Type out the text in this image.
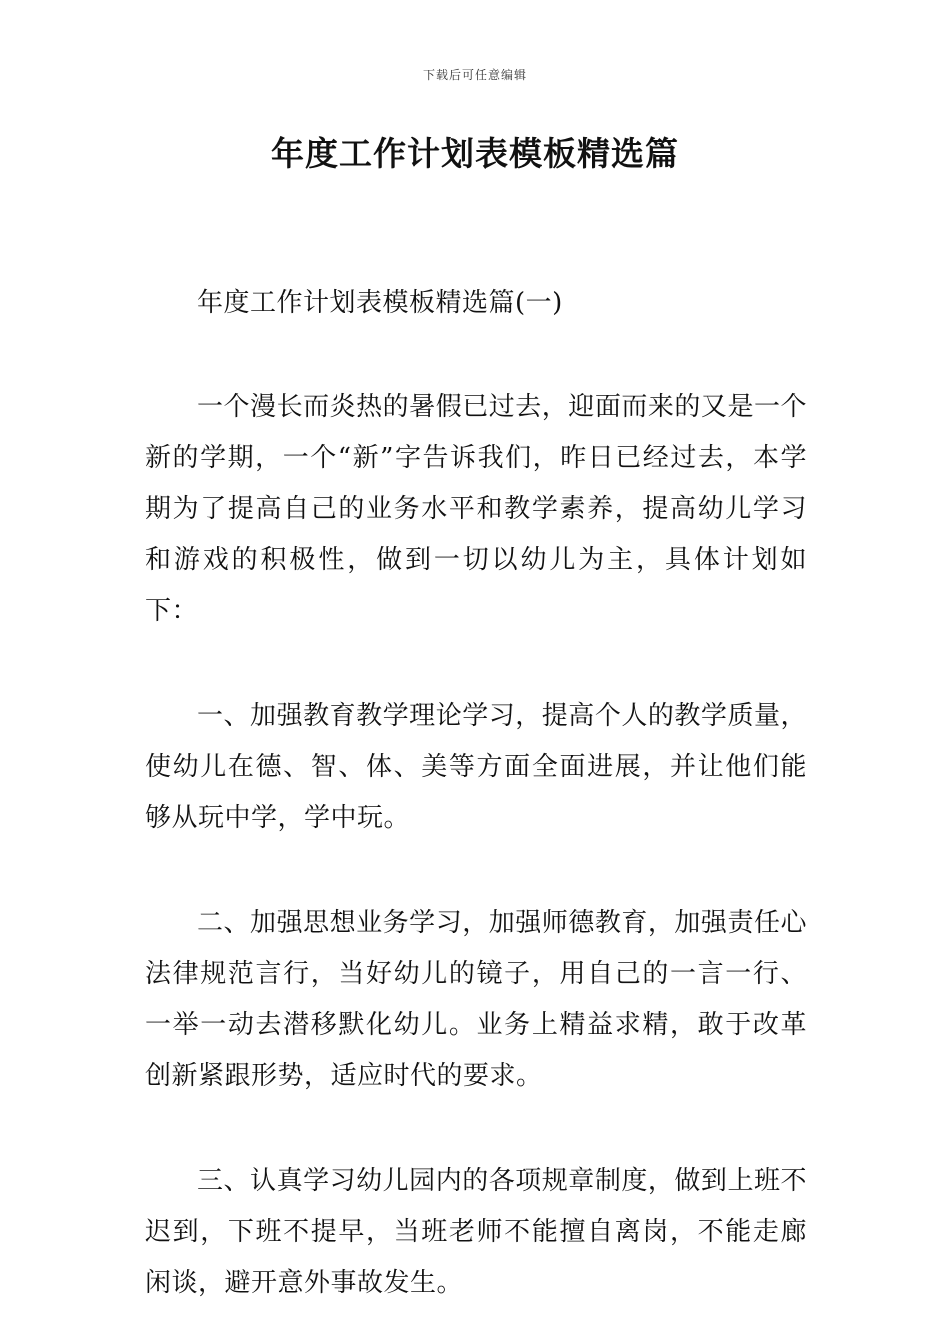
下载后可任意编辑
年度工作计划表模板精选篇

年度工作计划表模板精选篇(一)

一个漫长而炎热的暑假已过去，迎面而来的又是一个新的学期，一个“新”字告诉我们，昨日已经过去，本学期为了提高自己的业务水平和教学素养，提高幼儿学习和游戏的积极性，做到一切以幼儿为主，具体计划如下：

一、加强教育教学理论学习，提高个人的教学质量，使幼儿在德、智、体、美等方面全面进展，并让他们能够从玩中学，学中玩。

二、加强思想业务学习，加强师德教育，加强责任心法律规范言行，当好幼儿的镜子，用自己的一言一行、一举一动去潜移默化幼儿。业务上精益求精，敢于改革创新紧跟形势，适应时代的要求。

三、认真学习幼儿园内的各项规章制度，做到上班不迟到，下班不提早，当班老师不能擅自离岗，不能走廊闲谈，避开意外事故发生。
